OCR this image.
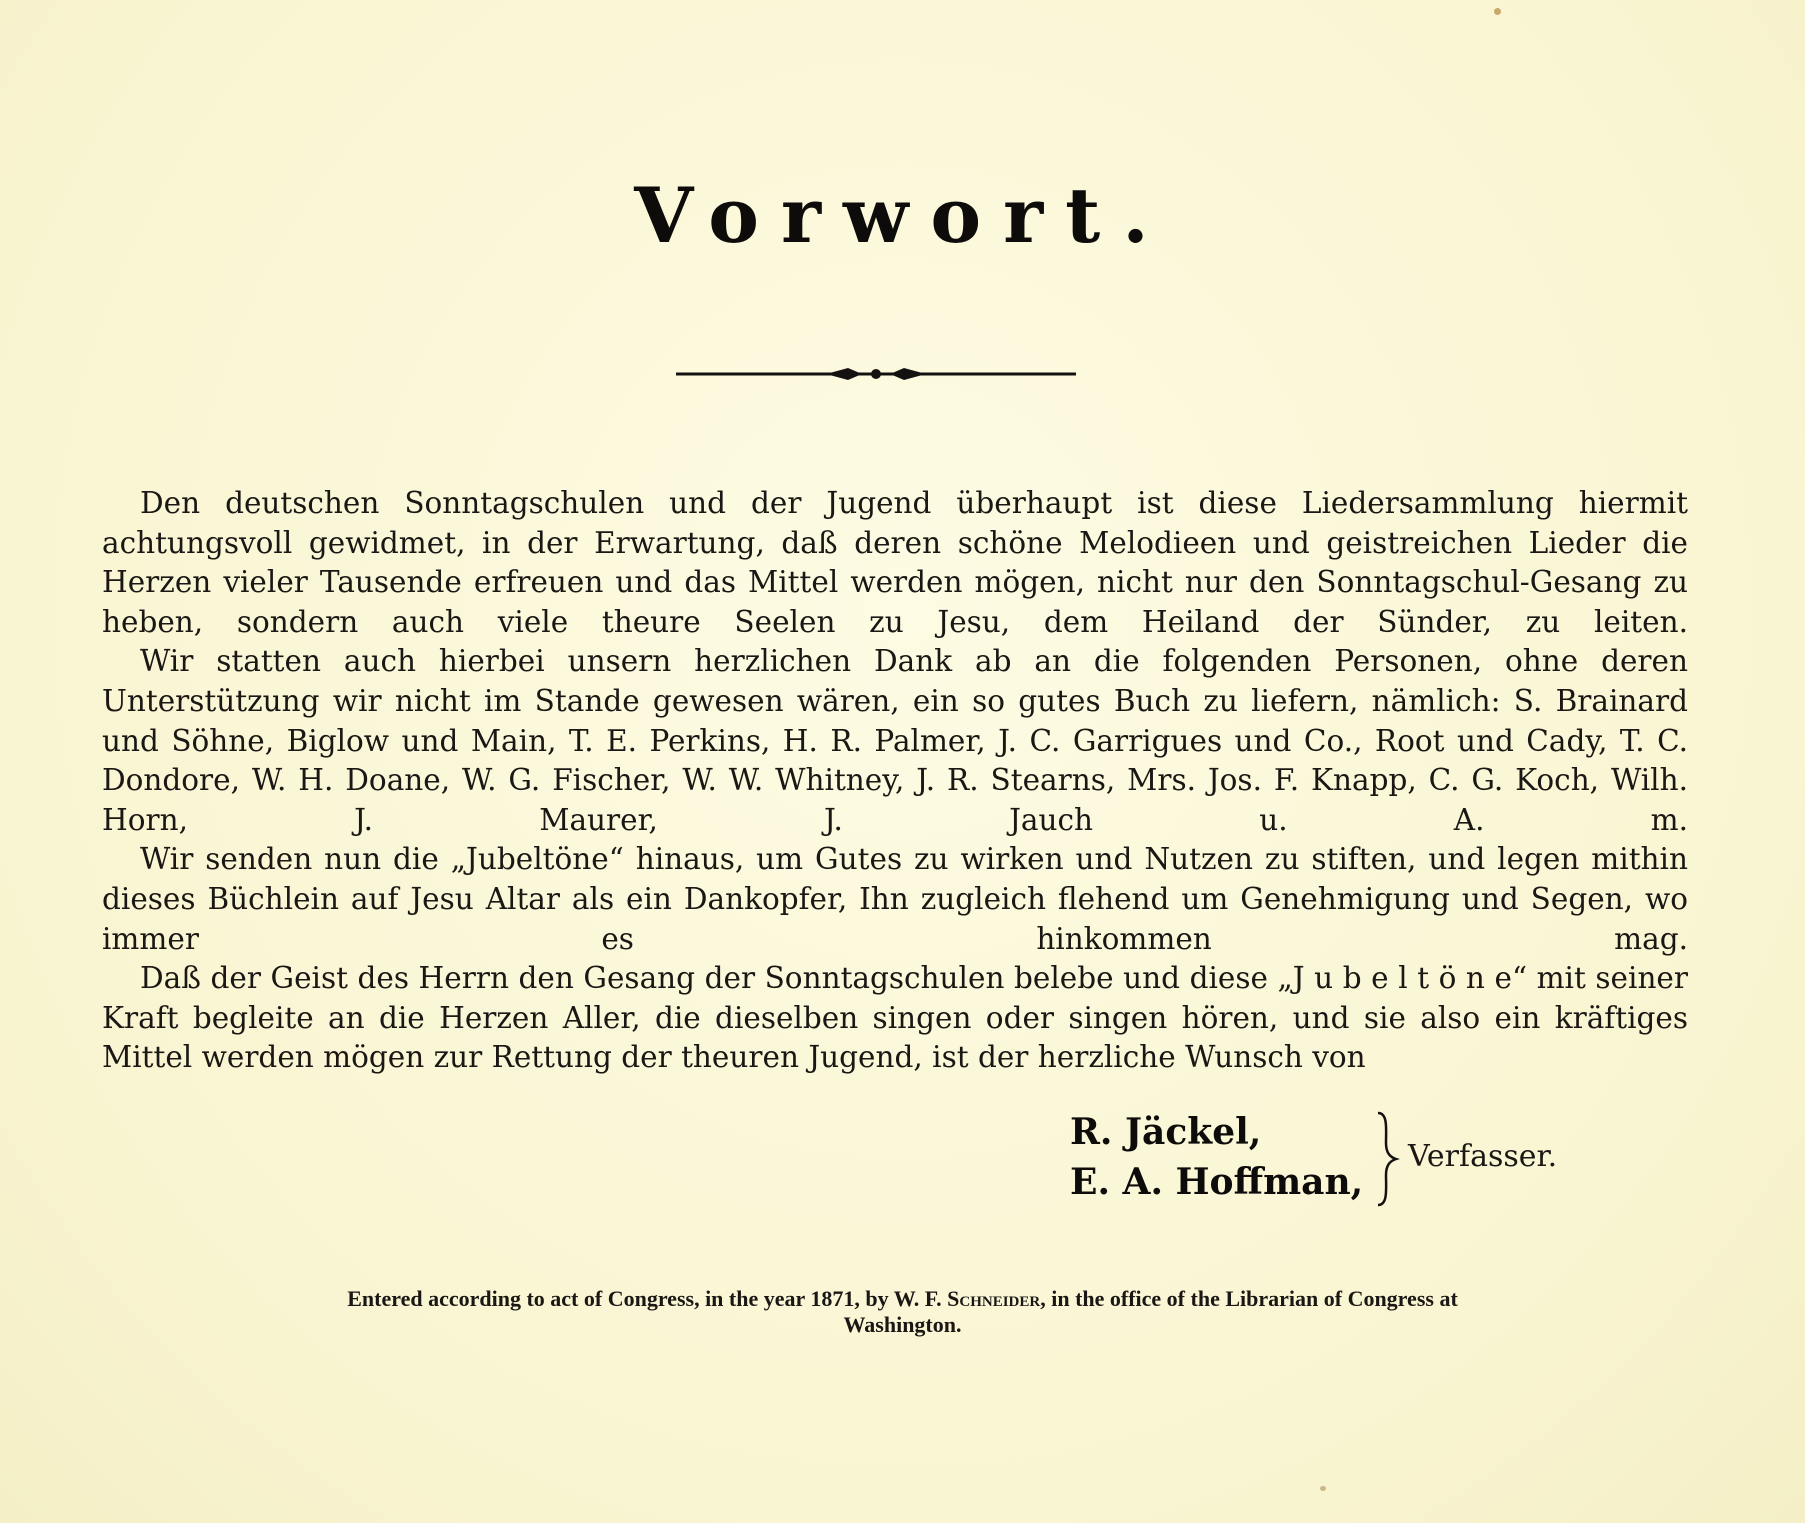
Vorwort.

Den deutschen Sonntagschulen und der Jugend überhaupt ist diese Liedersammlung hiermit achtungsvoll gewidmet, in der Erwartung, daß deren schöne Melodieen und geistreichen Lieder die Herzen vieler Tausende erfreuen und das Mittel werden mögen, nicht nur den Sonntagschul-Gesang zu heben, sondern auch viele theure Seelen zu Jesu, dem Heiland der Sünder, zu leiten.

Wir statten auch hierbei unsern herzlichen Dank ab an die folgenden Personen, ohne deren Unterstützung wir nicht im Stande gewesen wären, ein so gutes Buch zu liefern, nämlich: S. Brainard und Söhne, Biglow und Main, T. E. Perkins, H. R. Palmer, J. C. Garrigues und Co., Root und Cady, T. C. Dondore, W. H. Doane, W. G. Fischer, W. W. Whitney, J. R. Stearns, Mrs. Jos. F. Knapp, C. G. Koch, Wilh. Horn, J. Maurer, J. Jauch u. A. m.

Wir senden nun die „Jubeltöne“ hinaus, um Gutes zu wirken und Nutzen zu stiften, und legen mithin dieses Büchlein auf Jesu Altar als ein Dankopfer, Ihn zugleich flehend um Genehmigung und Segen, wo immer es hinkommen mag.

Daß der Geist des Herrn den Gesang der Sonntagschulen belebe und diese „J u b e l t ö n e“ mit seiner Kraft begleite an die Herzen Aller, die dieselben singen oder singen hören, und sie also ein kräftiges Mittel werden mögen zur Rettung der theuren Jugend, ist der herzliche Wunsch von

R. Jäckel,
E. A. Hoffman,
Verfasser.
Entered according to act of Congress, in the year 1871, by W. F. Schneider, in the office of the Librarian of Congress at
Washington.
